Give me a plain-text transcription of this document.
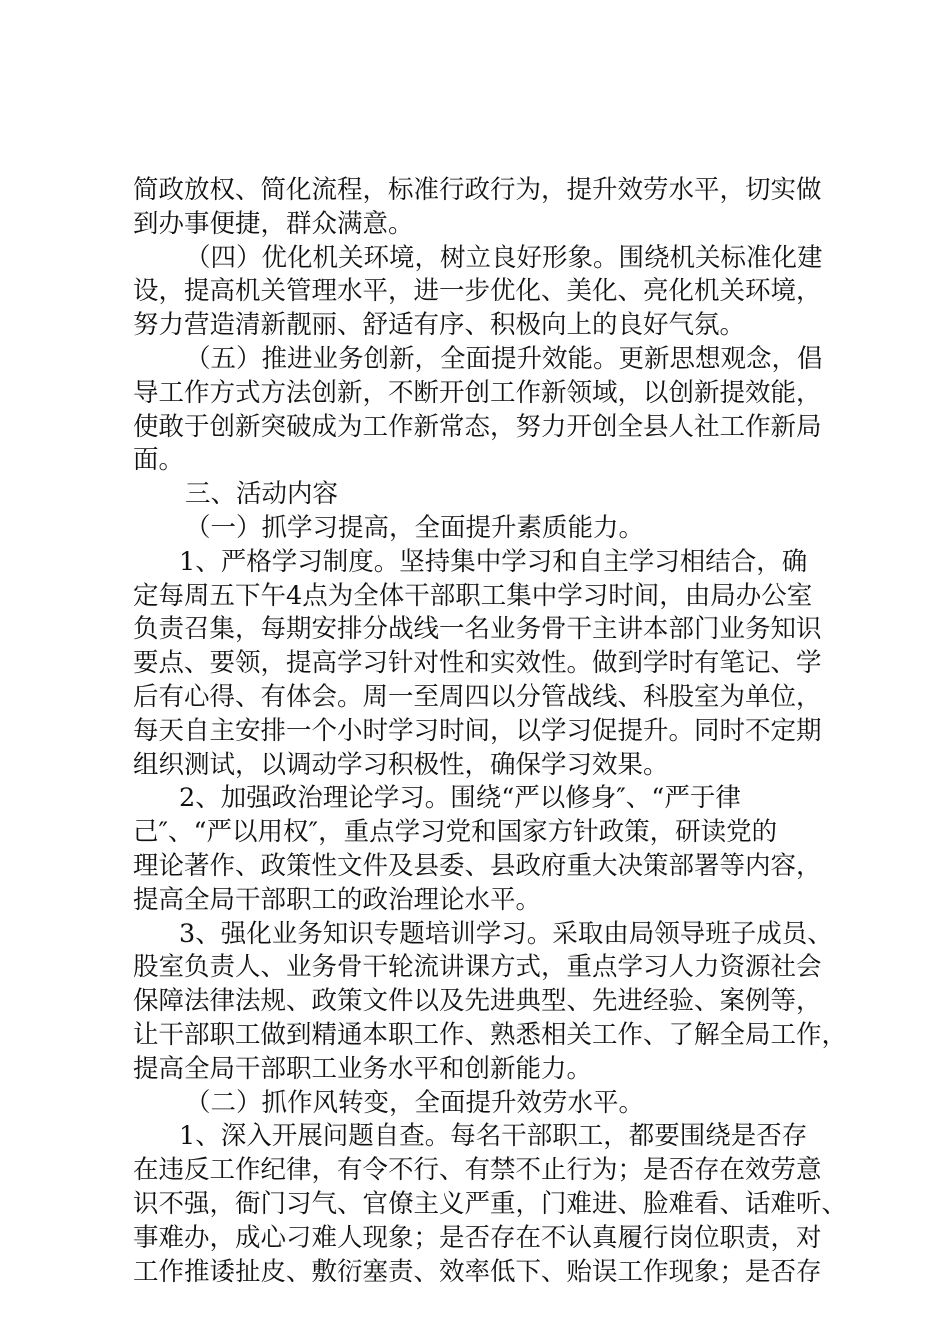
简政放权、简化流程，标准行政行为，提升效劳水平，切实做
到办事便捷，群众满意。
（四）优化机关环境，树立良好形象。围绕机关标准化建
设，提高机关管理水平，进一步优化、美化、亮化机关环境，
努力营造清新靓丽、舒适有序、积极向上的良好气氛。
（五）推进业务创新，全面提升效能。更新思想观念，倡
导工作方式方法创新，不断开创工作新领域，以创新提效能，
使敢于创新突破成为工作新常态，努力开创全县人社工作新局
面。
三、活动内容
（一）抓学习提高，全面提升素质能力。
1、严格学习制度。坚持集中学习和自主学习相结合，确
定每周五下午4点为全体干部职工集中学习时间，由局办公室
负责召集，每期安排分战线一名业务骨干主讲本部门业务知识
要点、要领，提高学习针对性和实效性。做到学时有笔记、学
后有心得、有体会。周一至周四以分管战线、科股室为单位，
每天自主安排一个小时学习时间，以学习促提升。同时不定期
组织测试，以调动学习积极性，确保学习效果。
2、加强政治理论学习。围绕“严以修身″、“严于律
己″、“严以用权″，重点学习党和国家方针政策，研读党的
理论著作、政策性文件及县委、县政府重大决策部署等内容，
提高全局干部职工的政治理论水平。
3、强化业务知识专题培训学习。采取由局领导班子成员、
股室负责人、业务骨干轮流讲课方式，重点学习人力资源社会
保障法律法规、政策文件以及先进典型、先进经验、案例等，
让干部职工做到精通本职工作、熟悉相关工作、了解全局工作，
提高全局干部职工业务水平和创新能力。
（二）抓作风转变，全面提升效劳水平。
1、深入开展问题自查。每名干部职工，都要围绕是否存
在违反工作纪律，有令不行、有禁不止行为；是否存在效劳意
识不强，衙门习气、官僚主义严重，门难进、脸难看、话难听、
事难办，成心刁难人现象；是否存在不认真履行岗位职责，对
工作推诿扯皮、敷衍塞责、效率低下、贻误工作现象；是否存
